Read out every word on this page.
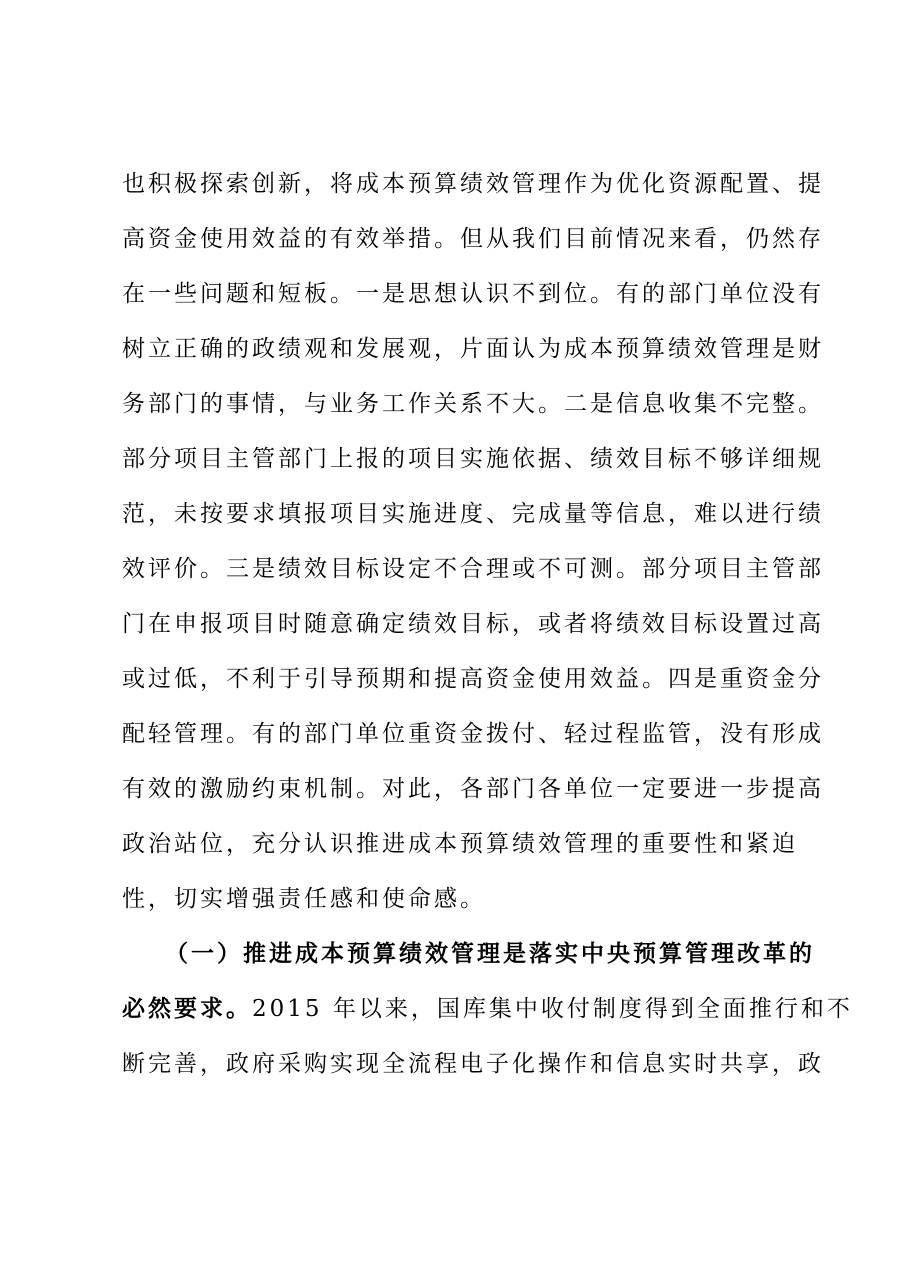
也积极探索创新，将成本预算绩效管理作为优化资源配置、提
高资金使用效益的有效举措。但从我们目前情况来看，仍然存
在一些问题和短板。一是思想认识不到位。有的部门单位没有
树立正确的政绩观和发展观，片面认为成本预算绩效管理是财
务部门的事情，与业务工作关系不大。二是信息收集不完整。
部分项目主管部门上报的项目实施依据、绩效目标不够详细规
范，未按要求填报项目实施进度、完成量等信息，难以进行绩
效评价。三是绩效目标设定不合理或不可测。部分项目主管部
门在申报项目时随意确定绩效目标，或者将绩效目标设置过高
或过低，不利于引导预期和提高资金使用效益。四是重资金分
配轻管理。有的部门单位重资金拨付、轻过程监管，没有形成
有效的激励约束机制。对此，各部门各单位一定要进一步提高
政治站位，充分认识推进成本预算绩效管理的重要性和紧迫
性，切实增强责任感和使命感。
（一）推进成本预算绩效管理是落实中央预算管理改革的
必然要求。2015 年以来，国库集中收付制度得到全面推行和不
断完善，政府采购实现全流程电子化操作和信息实时共享，政
